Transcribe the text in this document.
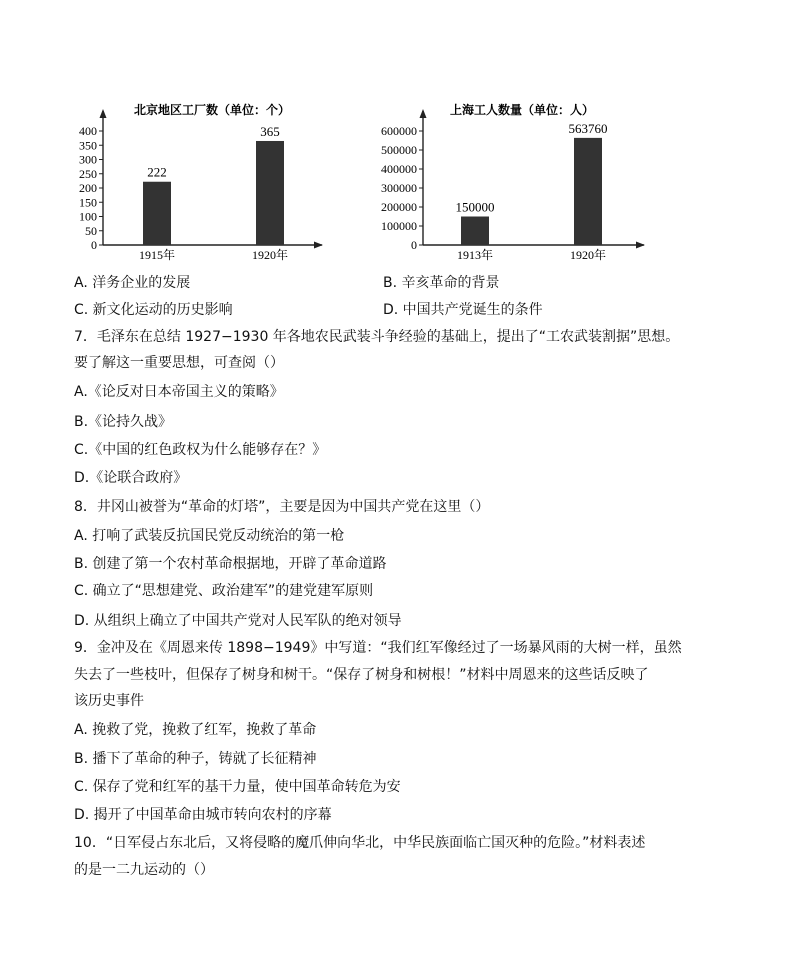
北京地区工厂数（单位：个）
0
50
100
150
200
250
300
350
400
222
1915年
365
1920年
上海工人数量（单位：人）
0
100000
200000
300000
400000
500000
600000
150000
1913年
563760
1920年
A. 洋务企业的发展	B. 辛亥革命的背景
C. 新文化运动的历史影响	D. 中国共产党诞生的条件
7．毛泽东在总结 1927−1930 年各地农民武装斗争经验的基础上，提出了“工农武装割据”思想。
要了解这一重要思想，可查阅（）
A.《论反对日本帝国主义的策略》
B.《论持久战》
C.《中国的红色政权为什么能够存在？》
D.《论联合政府》
8．井冈山被誉为“革命的灯塔”，主要是因为中国共产党在这里（）
A. 打响了武装反抗国民党反动统治的第一枪
B. 创建了第一个农村革命根据地，开辟了革命道路
C. 确立了“思想建党、政治建军”的建党建军原则
D. 从组织上确立了中国共产党对人民军队的绝对领导
9．金冲及在《周恩来传 1898−1949》中写道：“我们红军像经过了一场暴风雨的大树一样，虽然
失去了一些枝叶，但保存了树身和树干。“保存了树身和树根！”材料中周恩来的这些话反映了
该历史事件
A. 挽救了党，挽救了红军，挽救了革命
B. 播下了革命的种子，铸就了长征精神
C. 保存了党和红军的基干力量，使中国革命转危为安
D. 揭开了中国革命由城市转向农村的序幕
10．“日军侵占东北后，又将侵略的魔爪伸向华北，中华民族面临亡国灭种的危险。”材料表述
的是一二九运动的（）
